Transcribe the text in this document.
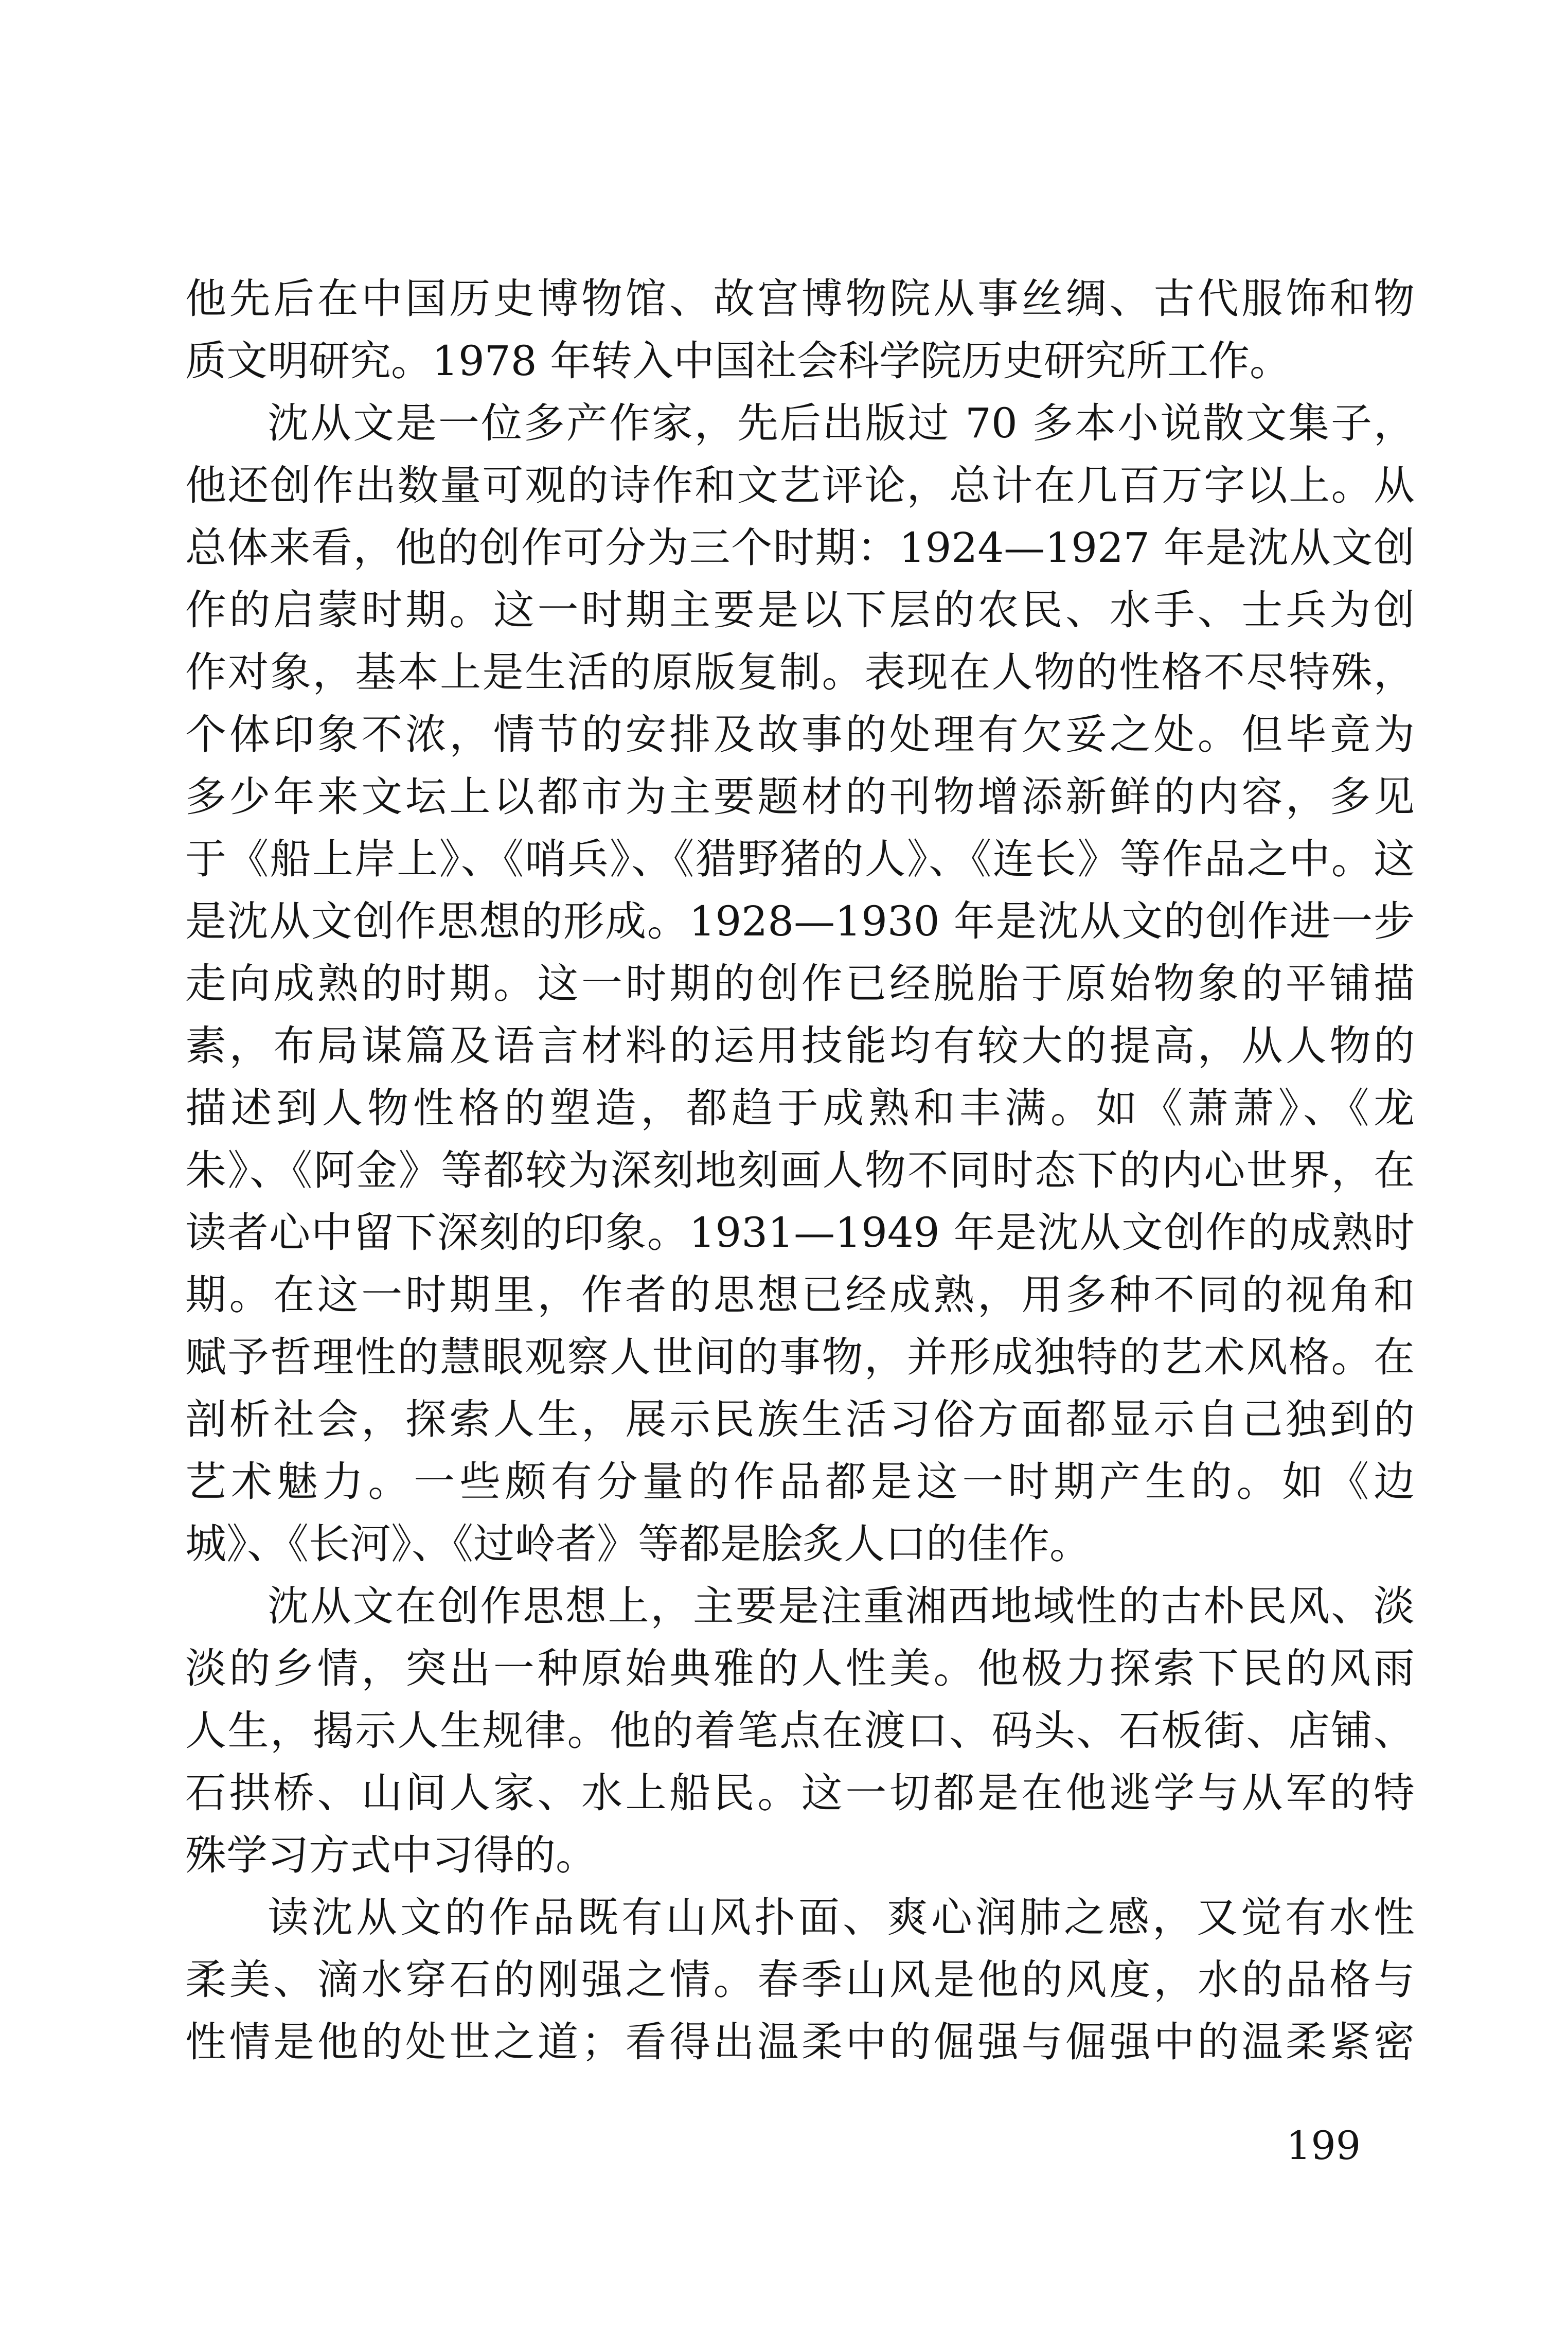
他先后在中国历史博物馆、故宫博物院从事丝绸、古代服饰和物
质文明研究。1978 年转入中国社会科学院历史研究所工作。
沈从文是一位多产作家，先后出版过 70 多本小说散文集子，
他还创作出数量可观的诗作和文艺评论，总计在几百万字以上。从
总体来看，他的创作可分为三个时期：1924—1927 年是沈从文创
作的启蒙时期。这一时期主要是以下层的农民、水手、士兵为创
作对象，基本上是生活的原版复制。表现在人物的性格不尽特殊，
个体印象不浓，情节的安排及故事的处理有欠妥之处。但毕竟为
多少年来文坛上以都市为主要题材的刊物增添新鲜的内容，多见
于《船上岸上》、《哨兵》、《猎野猪的人》、《连长》等作品之中。这
是沈从文创作思想的形成。1928—1930 年是沈从文的创作进一步
走向成熟的时期。这一时期的创作已经脱胎于原始物象的平铺描
素，布局谋篇及语言材料的运用技能均有较大的提高，从人物的
描述到人物性格的塑造，都趋于成熟和丰满。如《萧萧》、《龙
朱》、《阿金》等都较为深刻地刻画人物不同时态下的内心世界，在
读者心中留下深刻的印象。1931—1949 年是沈从文创作的成熟时
期。在这一时期里，作者的思想已经成熟，用多种不同的视角和
赋予哲理性的慧眼观察人世间的事物，并形成独特的艺术风格。在
剖析社会，探索人生，展示民族生活习俗方面都显示自己独到的
艺术魅力。一些颇有分量的作品都是这一时期产生的。如《边
城》、《长河》、《过岭者》等都是脍炙人口的佳作。
沈从文在创作思想上，主要是注重湘西地域性的古朴民风、淡
淡的乡情，突出一种原始典雅的人性美。他极力探索下民的风雨
人生，揭示人生规律。他的着笔点在渡口、码头、石板街、店铺、
石拱桥、山间人家、水上船民。这一切都是在他逃学与从军的特
殊学习方式中习得的。
读沈从文的作品既有山风扑面、爽心润肺之感，又觉有水性
柔美、滴水穿石的刚强之情。春季山风是他的风度，水的品格与
性情是他的处世之道；看得出温柔中的倔强与倔强中的温柔紧密
199
